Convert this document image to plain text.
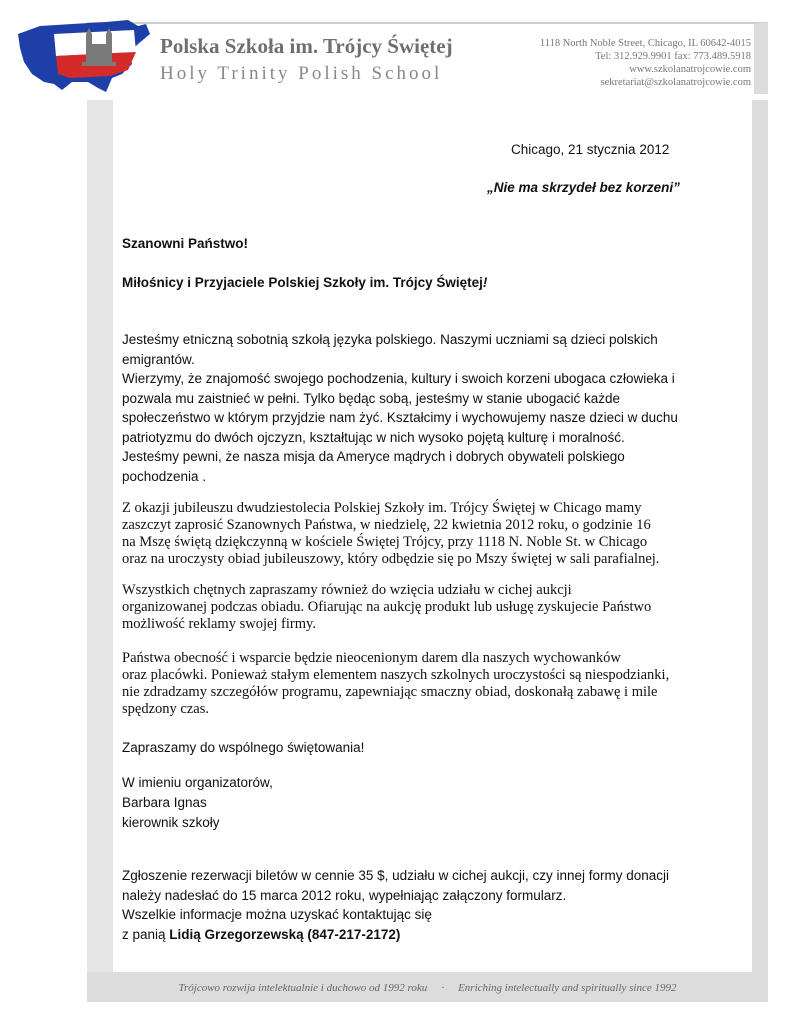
Polska Szkoła im. Trójcy Świętej
Holy Trinity Polish School
1118 North Noble Street, Chicago, IL 60642-4015
Tel: 312.929.9901 fax: 773.489.5918
www.szkolanatrojcowie.com
sekretariat@szkolanatrojcowie.com
Chicago, 21 stycznia 2012
„Nie ma skrzydeł bez korzeni”
Szanowni Państwo!
Miłośnicy i Przyjaciele Polskiej Szkoły im. Trójcy Świętej!

Jesteśmy etniczną sobotnią szkołą języka polskiego. Naszymi uczniami są dzieci polskich

emigrantów.

Wierzymy, że znajomość swojego pochodzenia, kultury i swoich korzeni ubogaca człowieka i

pozwala mu zaistnieć w pełni. Tylko będąc sobą, jesteśmy w stanie ubogacić każde

społeczeństwo w którym przyjdzie nam żyć. Kształcimy i wychowujemy nasze dzieci w duchu

patriotyzmu do dwóch ojczyzn, kształtując w nich wysoko pojętą kulturę i moralność.

Jesteśmy pewni, że nasza misja da Ameryce mądrych i dobrych obywateli polskiego

pochodzenia .

Z okazji jubileuszu dwudziestolecia Polskiej Szkoły im. Trójcy Świętej w Chicago mamy

zaszczyt zaprosić Szanownych Państwa, w niedzielę, 22 kwietnia 2012 roku, o godzinie 16

na Mszę świętą dziękczynną w kościele Świętej Trójcy, przy 1118 N. Noble St. w Chicago

oraz na uroczysty obiad jubileuszowy, który odbędzie się po Mszy świętej w sali parafialnej.

Wszystkich chętnych zapraszamy również do wzięcia udziału w cichej aukcji

organizowanej podczas obiadu. Ofiarując na aukcję produkt lub usługę zyskujecie Państwo

możliwość reklamy swojej firmy.

Państwa obecność i wsparcie będzie nieocenionym darem dla naszych wychowanków

oraz placówki. Ponieważ stałym elementem naszych szkolnych uroczystości są niespodzianki,

nie zdradzamy szczegółów programu, zapewniając smaczny obiad, doskonałą zabawę i mile

spędzony czas.

Zapraszamy do wspólnego świętowania!
W imieniu organizatorów,
Barbara Ignas
kierownik szkoły
Zgłoszenie rezerwacji biletów w cennie 35 $, udziału w cichej aukcji, czy innej formy donacji
należy nadesłać do 15 marca 2012 roku, wypełniając załączony formularz.
Wszelkie informacje można uzyskać kontaktując się
z panią Lidią Grzegorzewską (847-217-2172)
Trójcowo rozwija intelektualnie i duchowo od 1992 roku · Enriching intelectually and spiritually since 1992
